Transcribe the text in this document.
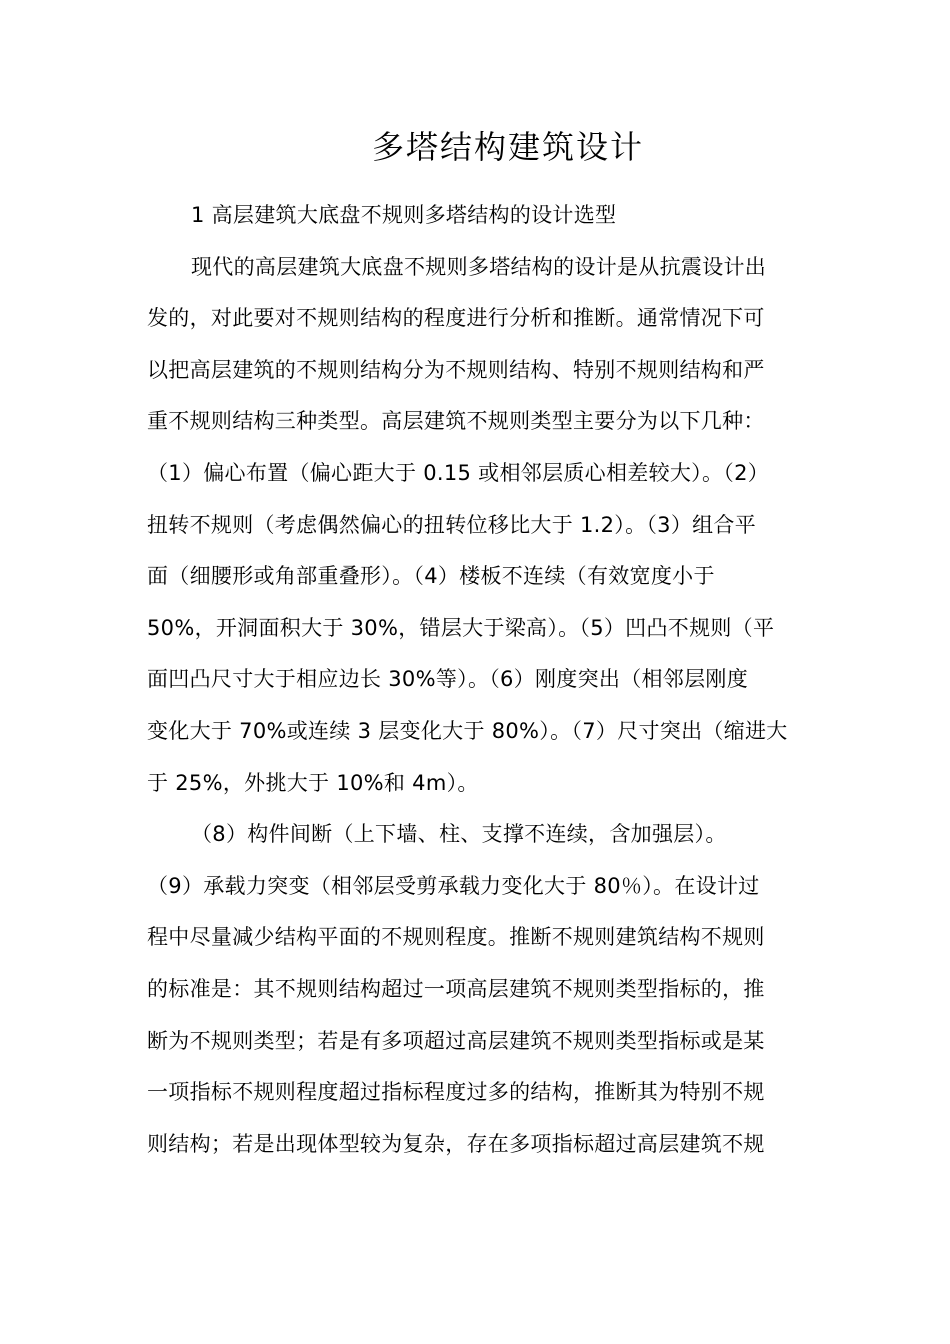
多塔结构建筑设计
1 高层建筑大底盘不规则多塔结构的设计选型
现代的高层建筑大底盘不规则多塔结构的设计是从抗震设计出
发的，对此要对不规则结构的程度进行分析和推断。通常情况下可
以把高层建筑的不规则结构分为不规则结构、特别不规则结构和严
重不规则结构三种类型。高层建筑不规则类型主要分为以下几种：
（1）偏心布置（偏心距大于 0.15 或相邻层质心相差较大）。（2）
扭转不规则（考虑偶然偏心的扭转位移比大于 1.2）。（3）组合平
面（细腰形或角部重叠形）。（4）楼板不连续（有效宽度小于
50%，开洞面积大于 30%，错层大于梁高）。（5）凹凸不规则（平
面凹凸尺寸大于相应边长 30%等）。（6）刚度突出（相邻层刚度
变化大于 70%或连续 3 层变化大于 80%）。（7）尺寸突出（缩进大
于 25%，外挑大于 10%和 4m）。
（8）构件间断（上下墙、柱、支撑不连续，含加强层）。
（9）承载力突变（相邻层受剪承载力变化大于 80％）。在设计过
程中尽量减少结构平面的不规则程度。推断不规则建筑结构不规则
的标准是：其不规则结构超过一项高层建筑不规则类型指标的，推
断为不规则类型；若是有多项超过高层建筑不规则类型指标或是某
一项指标不规则程度超过指标程度过多的结构，推断其为特别不规
则结构；若是出现体型较为复杂，存在多项指标超过高层建筑不规
